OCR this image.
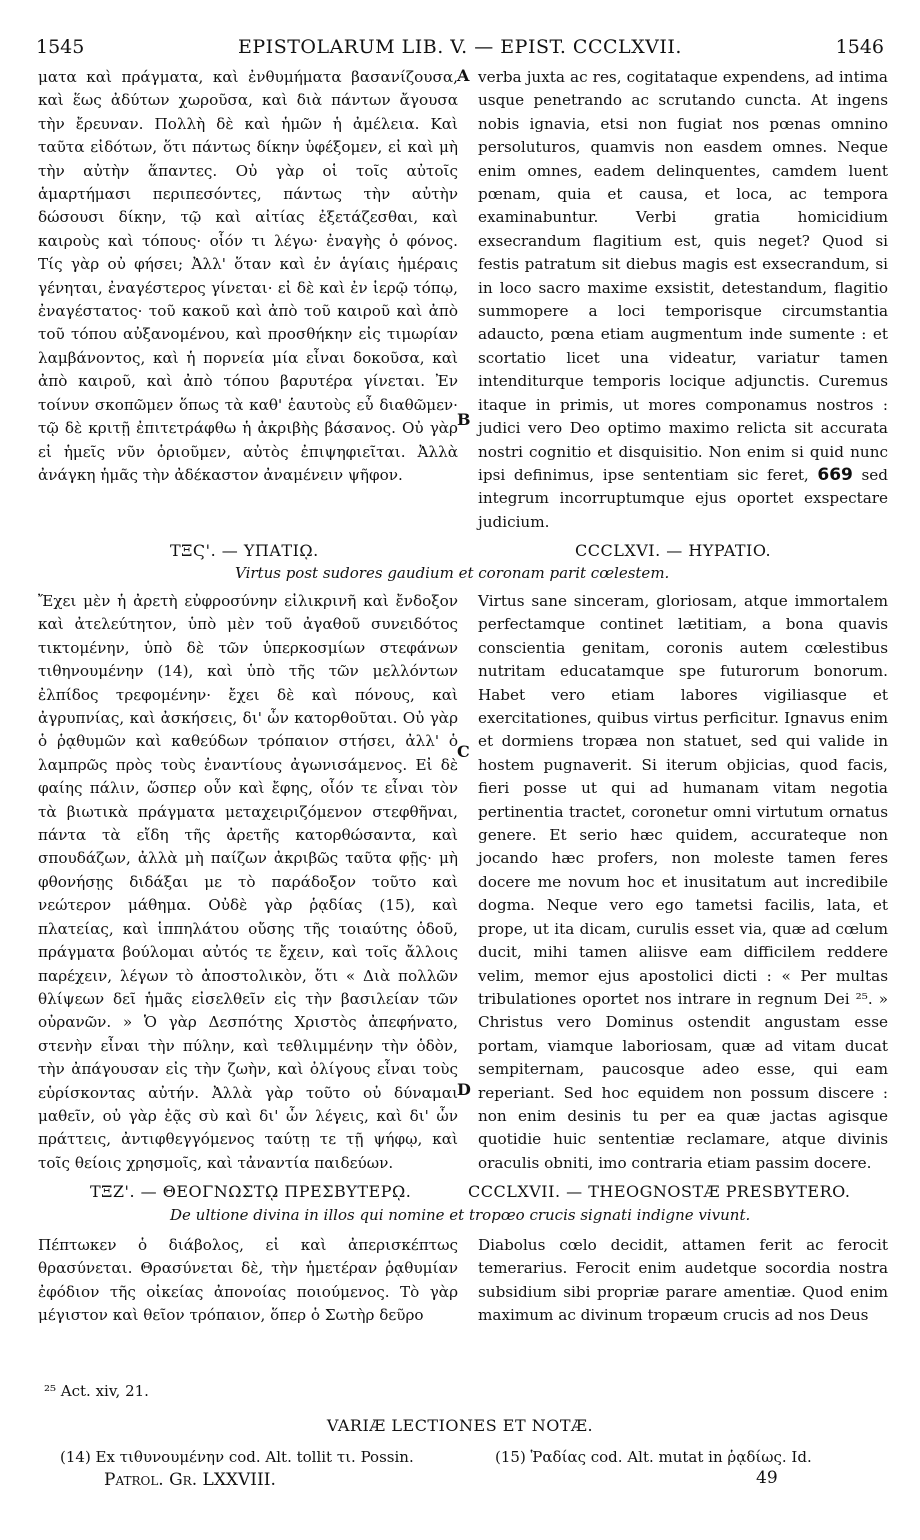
1545	EPISTOLARUM LIB. V. — EPIST. CCCLXVII.	1546

ματα καὶ πράγματα, καὶ ἐνθυμήματα βασανίζουσα, καὶ ἕως ἀδύτων χωροῦσα, καὶ διὰ πάντων ἄγουσα τὴν ἔρευναν. Πολλὴ δὲ καὶ ἡμῶν ἡ ἀμέλεια. Καὶ ταῦτα εἰδότων, ὅτι πάντως δίκην ὑφέξομεν, εἰ καὶ μὴ τὴν αὐτὴν ἅπαντες. Οὐ γὰρ οἱ τοῖς αὐτοῖς ἁμαρτήμασι περιπεσόντες, πάντως τὴν αὐτὴν δώσουσι δίκην, τῷ καὶ αἰτίας ἐξετάζεσθαι, καὶ καιροὺς καὶ τόπους· οἷόν τι λέγω· ἐναγὴς ὁ φόνος. Τίς γὰρ οὐ φήσει; Ἀλλ' ὅταν καὶ ἐν ἁγίαις ἡμέραις γένηται, ἐναγέστερος γίνεται· εἰ δὲ καὶ ἐν ἱερῷ τόπῳ, ἐναγέστατος· τοῦ κακοῦ καὶ ἀπὸ τοῦ καιροῦ καὶ ἀπὸ τοῦ τόπου αὐξανομένου, καὶ προσθήκην εἰς τιμωρίαν λαμβάνοντος, καὶ ἡ πορνεία μία εἶναι δοκοῦσα, καὶ ἀπὸ καιροῦ, καὶ ἀπὸ τόπου βαρυτέρα γίνεται. Ἐν τοίνυν σκοπῶμεν ὅπως τὰ καθ' ἑαυτοὺς εὖ διαθῶμεν· τῷ δὲ κριτῇ ἐπιτετράφθω ἡ ἀκριβὴς βάσανος. Οὐ γὰρ εἰ ἡμεῖς νῦν ὁριοῦμεν, αὐτὸς ἐπιψηφιεῖται. Ἀλλὰ ἀνάγκη ἡμᾶς τὴν ἀδέκαστον ἀναμένειν ψῆφον.

verba juxta ac res, cogitataque expendens, ad intima usque penetrando ac scrutando cuncta. At ingens nobis ignavia, etsi non fugiat nos pœnas omnino persoluturos, quamvis non easdem omnes. Neque enim omnes, eadem delinquentes, camdem luent pœnam, quia et causa, et loca, ac tempora examinabuntur. Verbi gratia homicidium exsecrandum flagitium est, quis neget? Quod si festis patratum sit diebus magis est exsecrandum, si in loco sacro maxime exsistit, detestandum, flagitio summopere a loci temporisque circumstantia adaucto, pœna etiam augmentum inde sumente : et scortatio licet una videatur, variatur tamen intenditurque temporis locique adjunctis. Curemus itaque in primis, ut mores componamus nostros : judici vero Deo optimo maximo relicta sit accurata nostri cognitio et disquisitio. Non enim si quid nunc ipsi definimus, ipse sententiam sic feret, 669 sed integrum incorruptumque ejus oportet exspectare judicium.

A
B
C
D
ΤΞϚ'. — ΥΠΑΤΙῼ.	CCCLXVI. — HYPATIO.
Virtus post sudores gaudium et coronam parit cœlestem.

Ἔχει μὲν ἡ ἀρετὴ εὐφροσύνην εἰλικρινῆ καὶ ἔνδοξον καὶ ἀτελεύτητον, ὑπὸ μὲν τοῦ ἀγαθοῦ συνειδότος τικτομένην, ὑπὸ δὲ τῶν ὑπερκοσμίων στεφάνων τιθηνουμένην (14), καὶ ὑπὸ τῆς τῶν μελλόντων ἐλπίδος τρεφομένην· ἔχει δὲ καὶ πόνους, καὶ ἀγρυπνίας, καὶ ἀσκήσεις, δι' ὧν κατορθοῦται. Οὐ γὰρ ὁ ῥᾳθυμῶν καὶ καθεύδων τρόπαιον στήσει, ἀλλ' ὁ λαμπρῶς πρὸς τοὺς ἐναντίους ἀγωνισάμενος. Εἰ δὲ φαίης πάλιν, ὥσπερ οὖν καὶ ἔφης, οἷόν τε εἶναι τὸν τὰ βιωτικὰ πράγματα μεταχειριζόμενον στεφθῆναι, πάντα τὰ εἴδη τῆς ἀρετῆς κατορθώσαντα, καὶ σπουδάζων, ἀλλὰ μὴ παίζων ἀκριβῶς ταῦτα φῇς· μὴ φθονήσῃς διδάξαι με τὸ παράδοξον τοῦτο καὶ νεώτερον μάθημα. Οὐδὲ γὰρ ῥᾳδίας (15), καὶ πλατείας, καὶ ἱππηλάτου οὔσης τῆς τοιαύτης ὁδοῦ, πράγματα βούλομαι αὐτός τε ἔχειν, καὶ τοῖς ἄλλοις παρέχειν, λέγων τὸ ἀποστολικὸν, ὅτι « Διὰ πολλῶν θλίψεων δεῖ ἡμᾶς εἰσελθεῖν εἰς τὴν βασιλείαν τῶν οὐρανῶν. » Ὁ γὰρ Δεσπότης Χριστὸς ἀπεφήνατο, στενὴν εἶναι τὴν πύλην, καὶ τεθλιμμένην τὴν ὁδὸν, τὴν ἀπάγουσαν εἰς τὴν ζωὴν, καὶ ὀλίγους εἶναι τοὺς εὑρίσκοντας αὐτήν. Ἀλλὰ γὰρ τοῦτο οὐ δύναμαι μαθεῖν, οὐ γὰρ ἐᾷς σὺ καὶ δι' ὧν λέγεις, καὶ δι' ὧν πράττεις, ἀντιφθεγγόμενος ταύτῃ τε τῇ ψήφῳ, καὶ τοῖς θείοις χρησμοῖς, καὶ τἀναντία παιδεύων.

Virtus sane sinceram, gloriosam, atque immortalem perfectamque continet lætitiam, a bona quavis conscientia genitam, coronis autem cœlestibus nutritam educatamque spe futurorum bonorum. Habet vero etiam labores vigiliasque et exercitationes, quibus virtus perficitur. Ignavus enim et dormiens tropæa non statuet, sed qui valide in hostem pugnaverit. Si iterum objicias, quod facis, fieri posse ut qui ad humanam vitam negotia pertinentia tractet, coronetur omni virtutum ornatus genere. Et serio hæc quidem, accurateque non jocando hæc profers, non moleste tamen feres docere me novum hoc et inusitatum aut incredibile dogma. Neque vero ego tametsi facilis, lata, et prope, ut ita dicam, curulis esset via, quæ ad cœlum ducit, mihi tamen aliisve eam difficilem reddere velim, memor ejus apostolici dicti : « Per multas tribulationes oportet nos intrare in regnum Dei ²⁵. » Christus vero Dominus ostendit angustam esse portam, viamque laboriosam, quæ ad vitam ducat sempiternam, paucosque adeo esse, qui eam reperiant. Sed hoc equidem non possum discere : non enim desinis tu per ea quæ jactas agisque quotidie huic sententiæ reclamare, atque divinis oraculis obniti, imo contraria etiam passim docere.

ΤΞΖ'. — ΘΕΟΓΝΩΣΤῼ ΠΡΕΣΒΥΤΕΡῼ.	CCCLXVII. — THEOGNOSTÆ PRESBYTERO.
De ultione divina in illos qui nomine et tropœo crucis signati indigne vivunt.

Πέπτωκεν ὁ διάβολος, εἰ καὶ ἀπερισκέπτως θρασύνεται. Θρασύνεται δὲ, τὴν ἡμετέραν ῥᾳθυμίαν ἐφόδιον τῆς οἰκείας ἀπονοίας ποιούμενος. Τὸ γὰρ μέγιστον καὶ θεῖον τρόπαιον, ὅπερ ὁ Σωτὴρ δεῦρο

Diabolus cœlo decidit, attamen ferit ac ferocit temerarius. Ferocit enim audetque socordia nostra subsidium sibi propriæ parare amentiæ. Quod enim maximum ac divinum tropæum crucis ad nos Deus

²⁵ Act. xiv, 21.
VARIÆ LECTIONES ET NOTÆ.
(14) Ex τιθυνουμένην cod. Alt. tollit τι. Possin.	(15) Ῥαδίας cod. Alt. mutat in ῥᾳδίως. Id.
Patrol. Gr. LXXVIII.	49
